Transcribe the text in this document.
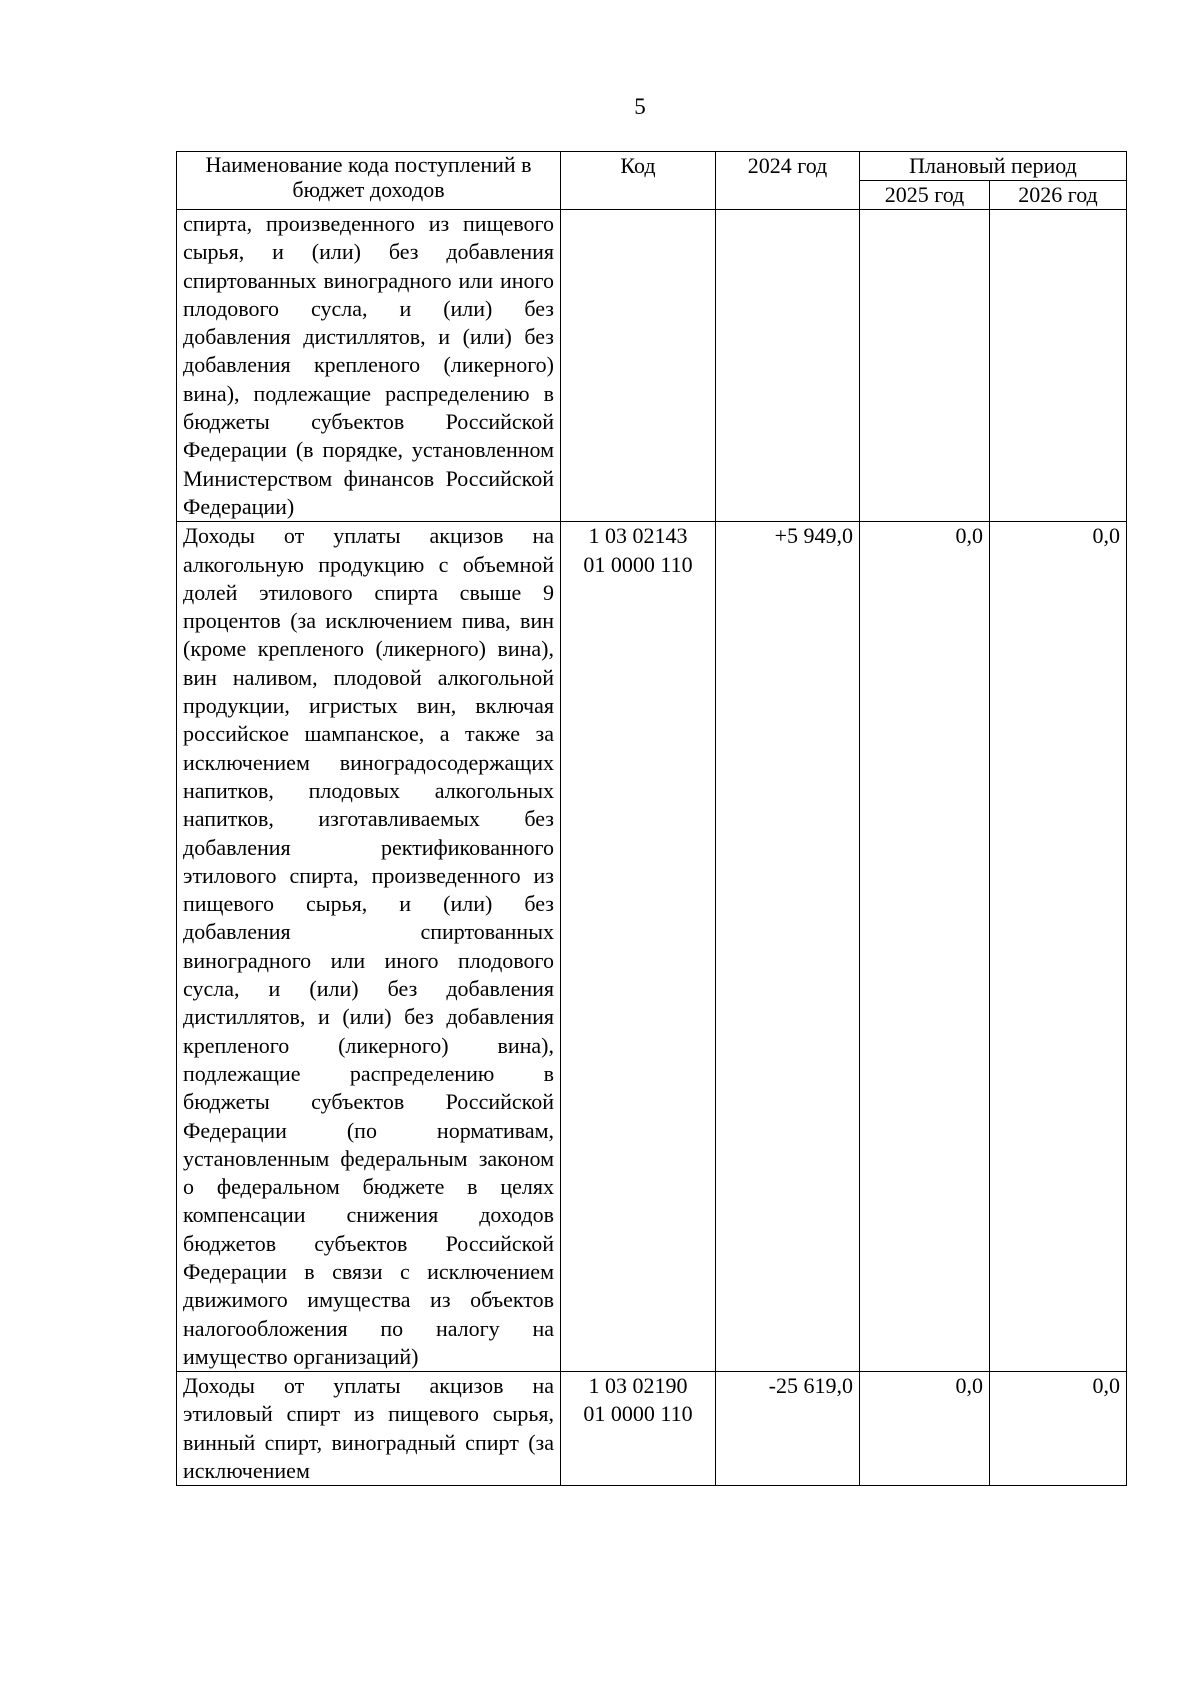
5
Наименование кода поступлений в бюджет доходов	Код	2024 год	Плановый период	
			2025 год	2026 год
спирта, произведенного из пищевого сырья, и (или) без добавления спиртованных виноградного или иного плодового сусла, и (или) без добавления дистиллятов, и (или) без добавления крепленого (ликерного) вина), подлежащие распределению в бюджеты субъектов Российской Федерации (в порядке, установленном Министерством финансов Российской Федерации)	

Доходы от уплаты акцизов на алкогольную продукцию с объемной долей этилового спирта свыше 9 процентов (за исключением пива, вин (кроме крепленого (ликерного) вина), вин наливом, плодовой алкогольной продукции, игристых вин, включая российское шампанское, а также за исключением виноградосодержащих напитков, плодовых алкогольных напитков, изготавливаемых без добавления ректификованного этилового спирта, произведенного из пищевого сырья, и (или) без добавления спиртованных виноградного или иного плодового сусла, и (или) без добавления дистиллятов, и (или) без добавления крепленого (ликерного) вина), подлежащие распределению в бюджеты субъектов Российской Федерации (по нормативам, установленным федеральным законом о федеральном бюджете в целях компенсации снижения доходов бюджетов субъектов Российской Федерации в связи с исключением движимого имущества из объектов налогообложения по налогу на имущество организаций)	1 03 02143
01 0000 110	+5 949,0	0,0	0,0
Доходы от уплаты акцизов на этиловый спирт из пищевого сырья, винный спирт, виноградный спирт (за исключением	1 03 02190
01 0000 110	-25 619,0	0,0	0,0
